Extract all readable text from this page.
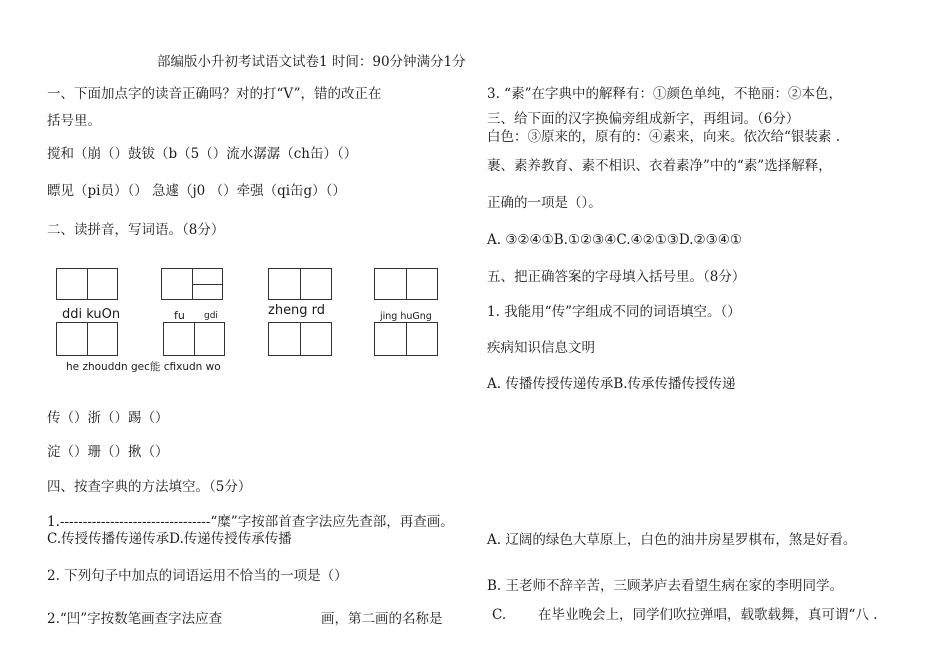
部编版小升初考试语文试卷1 时间：90分钟满分1分
一、下面加点字的读音正确吗？对的打“V”，错的改正在
括号里。
搅和（崩（）鼓钹（b（5（）流水潺潺（ch缶）（）
瞟见（pi员）（） 急遽（j0 （）牵强（qi缶g）（）
二、读拼音，写词语。（8分）
ddi kuOn	fu gdi	zheng rd	jing huGng
he zhouddn gec能 cfixudn wo
传（）浙（）踢（）
淀（）珊（）揪（）
四、按查字典的方法填空。（5分）
1.---------------------------------“糜”字按部首查字法应先查部，再查画。
C.传授传播传递传承D.传递传授传承传播
2. 下列句子中加点的词语运用不恰当的一项是（）
2.“凹”字按数笔画查字法应查	画，第二画的名称是
3. “素”在字典中的解释有：①颜色单纯，不艳丽：②本色，
三、给下面的汉字换偏旁组成新字，再组词。（6分）
白色：③原来的，原有的：④素来，向来。依次给“银装素 .
裹、素养教育、素不相识、衣着素净”中的“素”选择解释，
正确的一项是（）。
A. ③②④①B.①②③④C.④②①③D.②③④①
五、把正确答案的字母填入括号里。（8分）
1. 我能用“传”字组成不同的词语填空。（）
疾病知识信息文明
A. 传播传授传递传承B.传承传播传授传递
A. 辽阔的绿色大草原上，白色的油井房星罗棋布，煞是好看。
B. 王老师不辞辛苦，三顾茅庐去看望生病在家的李明同学。
C. 在毕业晚会上，同学们吹拉弹唱，载歌载舞，真可谓“八 .
